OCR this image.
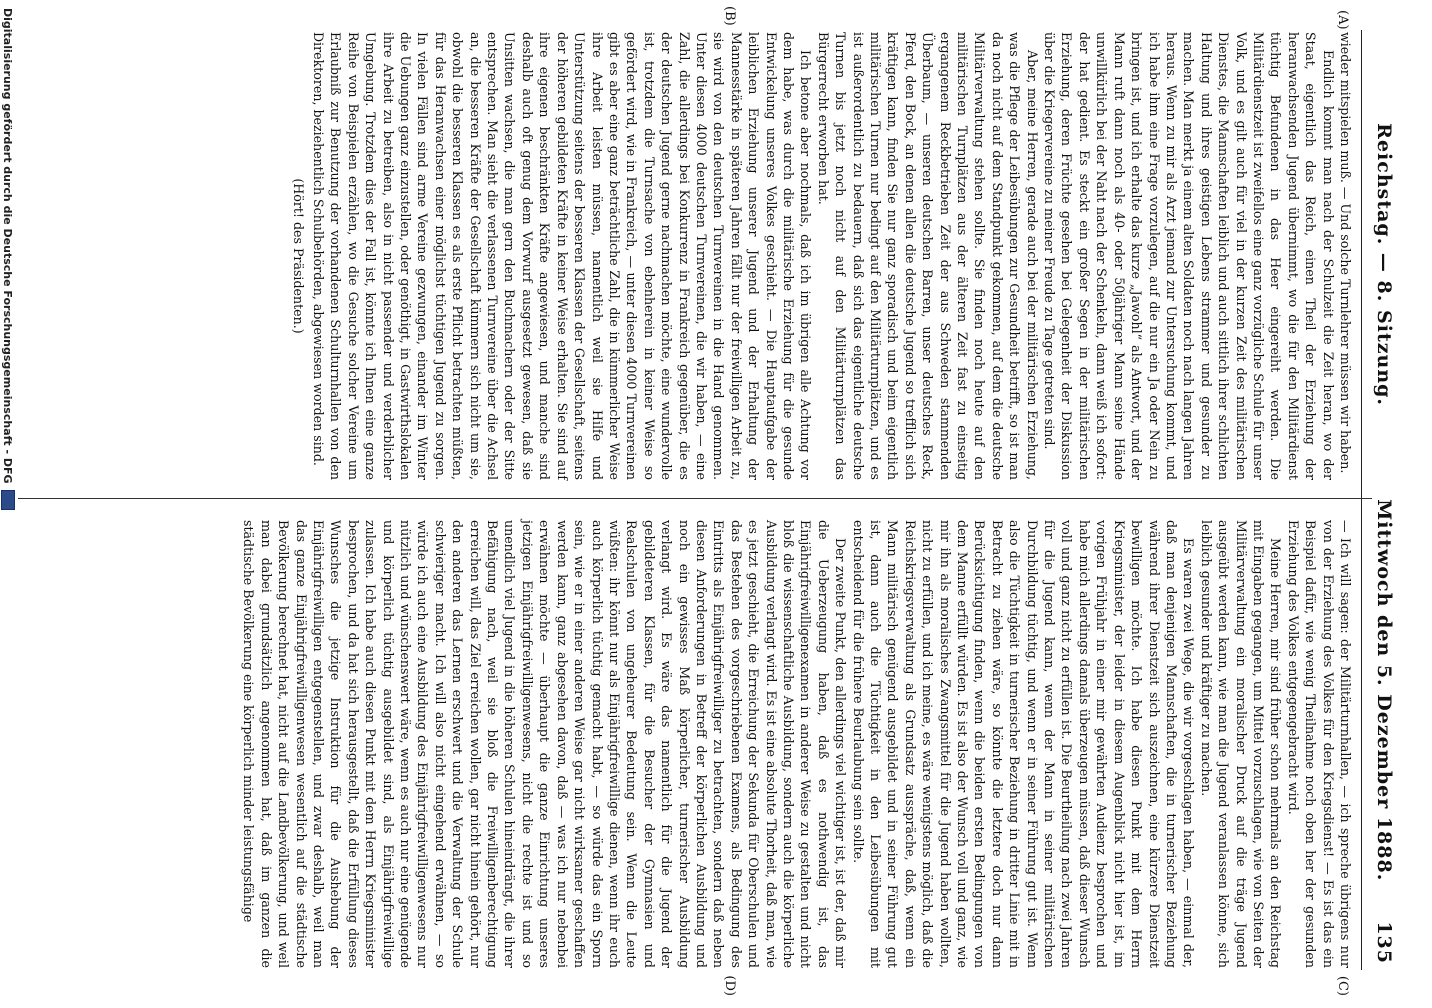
Reichstag. — 8. Sitzung.
Mittwoch den 5. Dezember 1888.
135
(A)
(B)
(C)
(D)

wieder mitspielen muß. — Und solche Turnlehrer müssen wir haben.

Endlich kommt man nach der Schulzeit die Zeit heran, wo der Staat, eigentlich das Reich, einen Theil der Erziehung der heranwachsenden Jugend übernimmt, wo die für den Militärdienst tüchtig Befundenen in das Heer eingereiht werden. Die Militärdienstzeit ist zweifellos eine ganz vorzügliche Schule für unser Volk, und es gilt auch für viel in der kurzen Zeit des militärischen Dienstes, die Mannschaften leiblich und auch sittlich ihrer schlichten Haltung und ihres geistigen Lebens strammer und gesunder zu machen. Man merkt ja einem alten Soldaten noch nach langen Jahren heraus. Wenn zu mir als Arzt jemand zur Untersuchung kommt, und ich habe ihm eine Frage vorzulegen, auf die nur ein Ja oder Nein zu bringen ist, und ich erhalte das kurze „Jawohl“ als Antwort, und der Mann ruft dann noch als 40- oder 50jähriger Mann seine Hände unwillkürlich bei der Naht nach der Schenkeln, dann weiß ich sofort: der hat gedient. Es steckt ein großer Segen in der militärischen Erziehung, deren Früchte gesehen bei Gelegenheit der Diskussion über die Kriegervereine zu meiner Freude zu Tage getreten sind.

Aber, meine Herren, gerade auch bei der militärischen Erziehung, was die Pflege der Leibesübungen zur Gesundheit betrifft, so ist man da noch nicht auf dem Standpunkt gekommen, auf dem die deutsche Militärverwaltung stehen sollte. Sie finden noch heute auf den militärischen Turnplätzen aus der älteren Zeit fast zu einseitig ergangenem Reckbetrieben Zeit der aus Schweden stammenden Überbaum, — unseren deutschen Barren, unser deutsches Reck, Pferd, den Bock, an denen allen die deutsche Jugend so trefflich sich kräftigen kann, finden Sie nur ganz sporadisch und beim eigentlich militärischen Turnen nur bedingt auf den Militärturnplätzen, und es ist außerordentlich zu bedauern, daß sich das eigentliche deutsche Turnen bis jetzt noch nicht auf den Militärturnplätzen das Bürgerrecht erworben hat.

Ich betone aber nochmals, daß ich im übrigen alle Achtung vor dem habe, was durch die militärische Erziehung für die gesunde Entwickelung unseres Volkes geschieht. — Die Hauptaufgabe der leiblichen Erziehung unserer Jugend und der Erhaltung der Mannesstärke in späteren Jahren fällt nur der freiwilligen Arbeit zu, sie wird von den deutschen Turnvereinen in die Hand genommen. Unter diesen 4000 deutschen Turnvereinen, die wir haben, — eine Zahl, die allerdings bei Konkurrenz in Frankreich gegenüber, die es der deutschen Jugend gerne nachmachen möchte, eine wundervolle ist, trotzdem die Turnsache von ebenherein in keiner Weise so gefördert wird, wie in Frankreich, — unter diesen 4000 Turnvereinen gibt es aber eine ganz beträchtliche Zahl, die in kümmerlicher Weise ihre Arbeit leisten müssen, namentlich weil sie Hilfe und Unterstützung seitens der besseren Klassen der Gesellschaft, seitens der höheren gebildeten Kräfte in keiner Weise erhalten. Sie sind auf ihre eigenen beschränkten Kräfte angewiesen, und manche sind deshalb auch oft genug dem Vorwurf ausgesetzt gewesen, daß sie Unsitten wachsen, die man gern den Buchmachern oder der Sitte entsprechen. Man sieht die verlassenen Turnvereine über die Achsel an, die besseren Kräfte der Gesellschaft kümmern sich nicht um sie, obwohl die besseren Klassen es als erste Pflicht betrachten müßten, für das Heranwachsen einer möglichst tüchtigen Jugend zu sorgen. In vielen Fällen sind arme Vereine gezwungen, einander im Winter die Uebungen ganz einzustellen, oder genöthigt, in Gastwirthslokalen ihre Arbeit zu betreiben, also in nicht passender und verderblicher Umgebung. Trotzdem dies der Fall ist, könnte ich Ihnen eine ganze Reihe von Beispielen erzählen, wo die Gesuche solcher Vereine um Erlaubniß zur Benutzung der vorhandenen Schulturnhallen von den Direktoren, beziehentlich Schulbehörden, abgewiesen worden sind.

(Hört! des Präsidenten.)

— Ich will sagen: der Militärturnhallen, — ich spreche übrigens nur von der Erziehung des Volkes für den Kriegsdienst! — Es ist das ein Beispiel dafür, wie wenig Theilnahme noch oben her der gesunden Erziehung des Volkes entgegengebracht wird.

Meine Herren, mir sind früher schon mehrmals an den Reichstag mit Eingaben gegangen, um Mittel vorzuschlagen, wie von Seiten der Militärverwaltung ein moralischer Druck auf die träge Jugend ausgeübt werden kann, wie man die Jugend veranlassen könne, sich leiblich gesunder und kräftiger zu machen.

Es waren zwei Wege, die wir vorgeschlagen haben, — einmal der, daß man denjenigen Mannschaften, die in turnerischer Beziehung während ihrer Dienstzeit sich auszeichnen, eine kürzere Dienstzeit bewilligen möchte. Ich habe diesen Punkt mit dem Herrn Kriegsminister, der leider in diesem Augenblick nicht hier ist, im vorigen Frühjahr in einer mir gewährten Audienz besprochen und habe mich allerdings damals überzeugen müssen, daß dieser Wunsch voll und ganz nicht zu erfüllen ist. Die Beurtheilung nach zwei Jahren für die Jugend kann, wenn der Mann in seiner militärischen Durchbildung tüchtig, und wenn er in seiner Führung gut ist. Wenn also die Tüchtigkeit in turnerischer Beziehung in dritter Linie mit in Betracht zu ziehen wäre, so könnte die letztere doch nur dann Berücksichtigung finden, wenn die beiden ersten Bedingungen von dem Manne erfüllt würden. Es ist also der Wunsch voll und ganz, wie mir ihn als moralisches Zwangsmittel für die Jugend haben wollten, nicht zu erfüllen, und ich meine, es wäre wenigstens möglich, daß die Reichskriegsverwaltung als Grundsatz ausspräche, daß, wenn ein Mann militärisch genügend ausgebildet und in seiner Führung gut ist, dann auch die Tüchtigkeit in den Leibesübungen mit entscheidend für die frühere Beurlaubung sein sollte.

Der zweite Punkt, den allerdings viel wichtiger ist, ist der, daß mir die Ueberzeugung haben, daß es nothwendig ist, das Einjährigfreiwilligenexamen in anderer Weise zu gestalten und nicht bloß die wissenschaftliche Ausbildung, sondern auch die körperliche Ausbildung verlangt wird. Es ist eine absolute Thorheit, daß man, wie es jetzt geschieht, die Erreichung der Sekunda für Oberschulen und das Bestehen des vorgeschriebenen Examens, als Bedingung des Eintritts als Einjährigfreiwilliger zu betrachten, sondern daß neben diesen Anforderungen in Betreff der körperlichen Ausbildung und noch ein gewisses Maß körperlicher, turnerischer Ausbildung verlangt wird. Es wäre das namentlich für die Jugend der gebildeteren Klassen, für die Besucher der Gymnasien und Realschulen von ungeheurer Bedeutung sein. Wenn die Leute wüßten: ihr könnt nur als Einjährigfreiwillige dienen, wenn ihr euch auch körperlich tüchtig gemacht habt, — so würde das ein Sporn sein, wie er in einer anderen Weise gar nicht wirksamer geschaffen werden kann, ganz abgesehen davon, daß — was ich nur nebenbei erwähnen möchte — überhaupt die ganze Einrichtung unseres jetzigen Einjährigfreiwilligenwesens, nicht die rechte ist und so unendlich viel Jugend in die höheren Schulen hineindrängt, die ihrer Befähigung nach, weil sie bloß die Freiwilligenberechtigung erreichen will, das Ziel erreichen wollen, gar nicht hinein gehört, nur den anderen das Lernen erschwert und die Verwaltung der Schule schwieriger macht. Ich will also nicht eingehend erwähnen, — so würde ich auch eine Ausbildung des Einjährigfreiwilligenwesens nur nützlich und wünschenswert wäre, wenn es auch nur eine genügende und körperlich tüchtig ausgebildet sind, als Einjährigfreiwillige zulassen. Ich habe auch diesen Punkt mit dem Herrn Kriegsminister besprochen, und da hat sich herausgestellt, daß die Erfüllung dieses Wunsches die jetzige Instruktion für die Aushebung der Einjährigfreiwilligen entgegenstellen, und zwar deshalb, weil man das ganze Einjährigfreiwilligenwesen wesentlich auf die städtische Bevölkerung berechnet hat, nicht auf die Landbevölkerung, und weil man dabei grundsätzlich angenommen hat, daß im ganzen die städtische Bevölkerung eine körperlich minder leistungsfähige

Digitalisierung gefördert durch die Deutsche Forschungsgemeinschaft - DFG
